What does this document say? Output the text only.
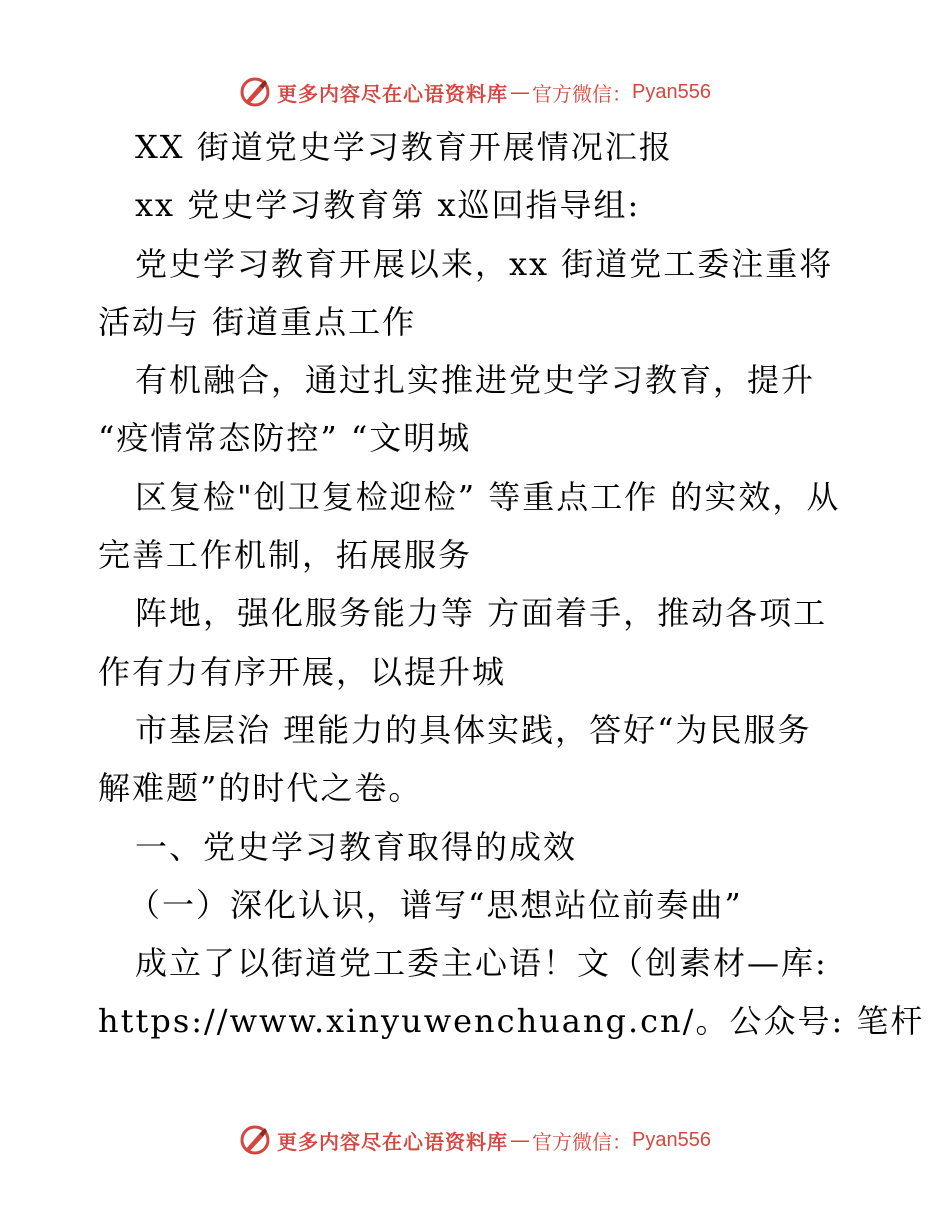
更多内容尽在心语资料库 — 官方微信： Pyan556
XX 街道党史学习教育开展情况汇报
xx 党史学习教育第 x巡回指导组:
党史学习教育开展以来，xx 街道党工委注重将
活动与 街道重点工作
有机融合，通过扎实推进党史学习教育，提升
“疫情常态防控” “文明城
区复检"创卫复检迎检” 等重点工作 的实效，从
完善工作机制，拓展服务
阵地，强化服务能力等 方面着手，推动各项工
作有力有序开展，以提升城
市基层治 理能力的具体实践，答好“为民服务
解难题”的时代之卷。
一、党史学习教育取得的成效
（一）深化认识，谱写“思想站位前奏曲”
成立了以街道党工委主心语！文（创素材—库:
https://www.xinyuwenchuang.cn/。公众号: 笔杆
更多内容尽在心语资料库 — 官方微信： Pyan556
